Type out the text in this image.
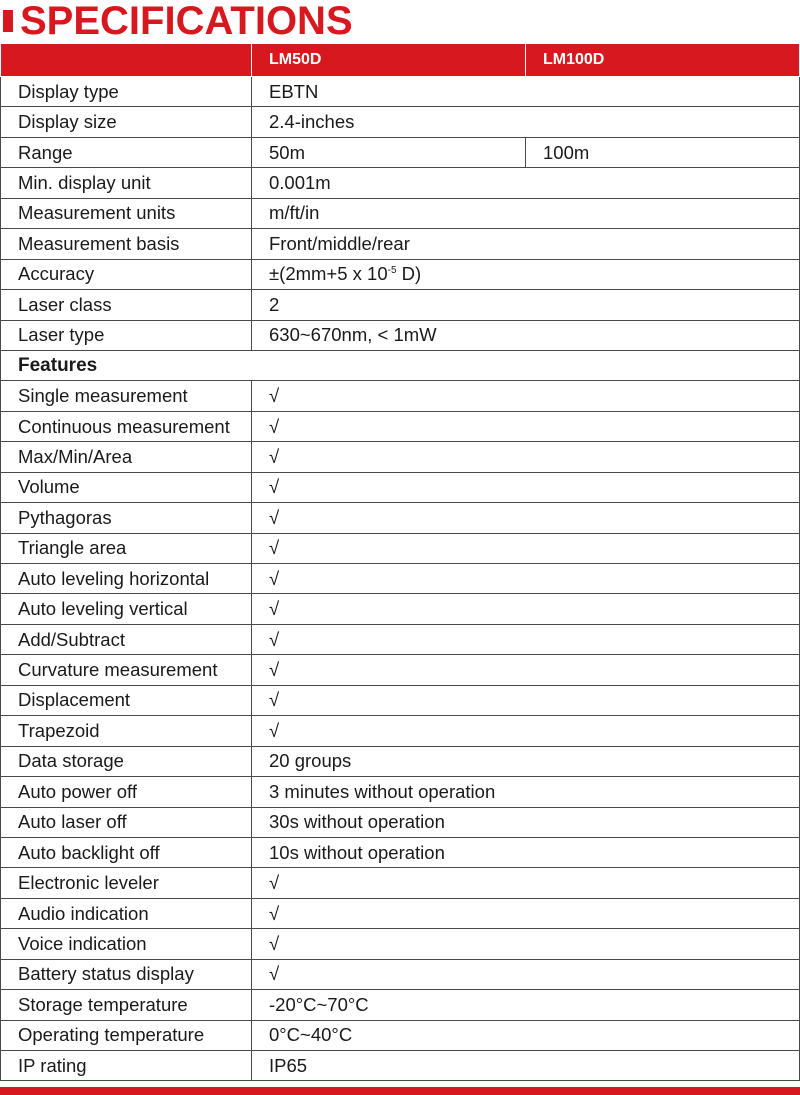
SPECIFICATIONS
	LM50D	LM100D
Display type	EBTN	
Display size	2.4-inches	
Range	50m	100m
Min. display unit	0.001m	
Measurement units	m/ft/in	
Measurement basis	Front/middle/rear	
Accuracy	±(2mm+5 x $10^{-5}$ D)	
Laser class	2	
Laser type	630~670nm, < 1mW	
Features		
Single measurement	√	
Continuous measurement	√	
Max/Min/Area	√	
Volume	√	
Pythagoras	√	
Triangle area	√	
Auto leveling horizontal	√	
Auto leveling vertical	√	
Add/Subtract	√	
Curvature measurement	√	
Displacement	√	
Trapezoid	√	
Data storage	20 groups	
Auto power off	3 minutes without operation	
Auto laser off	30s without operation	
Auto backlight off	10s without operation	
Electronic leveler	√	
Audio indication	√	
Voice indication	√	
Battery status display	√	
Storage temperature	-20°C~70°C	
Operating temperature	0°C~40°C	
IP rating	IP65	
